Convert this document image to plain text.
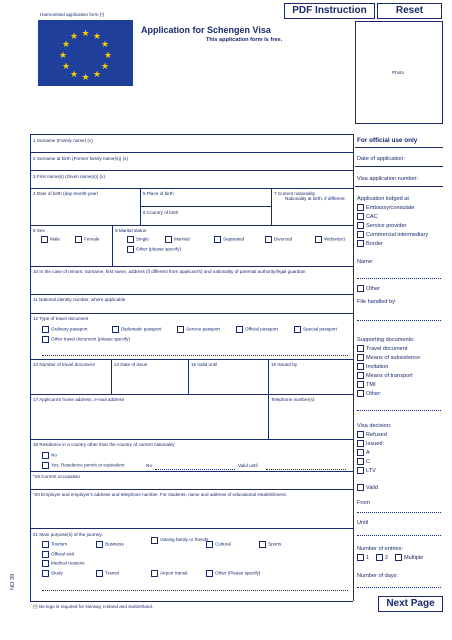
Harmonised application form (¹)
★ ★
★
★
★
★
★
★
★
★
★
★
Application for Schengen Visa
This application form is free.
PDF Instruction	Reset
Photo
1 Surname (Family name) (x)
2 Surname at birth (Former family name(s)) (x)
3 First name(s) (Given name(s)) (x)
4 Date of birth (day-month-year)	5 Place of birth
6 Country of birth
7 Current nationality
Nationality at birth, if different:
8 Sex
Male	Female
9 Marital status
Single	Married	Separated	Divorced	Widow(er)
Other (please specify)
10 In the case of minors: Surname, first name, address (if different from applicant's) and nationality of parental authority/legal guardian
11 National identity number, where applicable
12 Type of travel document
Ordinary passport	Diplomatic passport	Service passport	Official passport	Special passport
Other travel document (please specify)
13 Number of travel document	14 Date of issue	15 Valid until	16 Issued by
17 Applicant's home address, e-mail address	Telephone number(s)
18 Residence in a country other than the country of current nationality
No
Yes. Residence permit or equivalent	No	Valid until
*19 Current occupation
*20 Employer and employer's address and telephone number. For students, name and address of educational establishment.
21 Main purpose(s) of the journey:
Tourism	Business
Visiting family or friends
Cultural	Sports
Official visit
Medical reasons
Study	Transit	Airport transit	Other (Please specify)
(¹) No logo is required for Norway, Iceland and Switzerland.
NO 39
For official use only
Date of application:
Visa application number:
Application lodged at
Embassy/consulate
CAC
Service provider
Commercial intermediary
Border
Name:
Other
File handled by:
Supporting documents:
Travel document
Means of subsistence
Invitation
Means of transport
TMI
Other:
Visa decision:
Refused
Issued:
A
C
LTV
Valid
From
Until
Number of entries:
1	2	Multiple
Number of days:
Next Page
